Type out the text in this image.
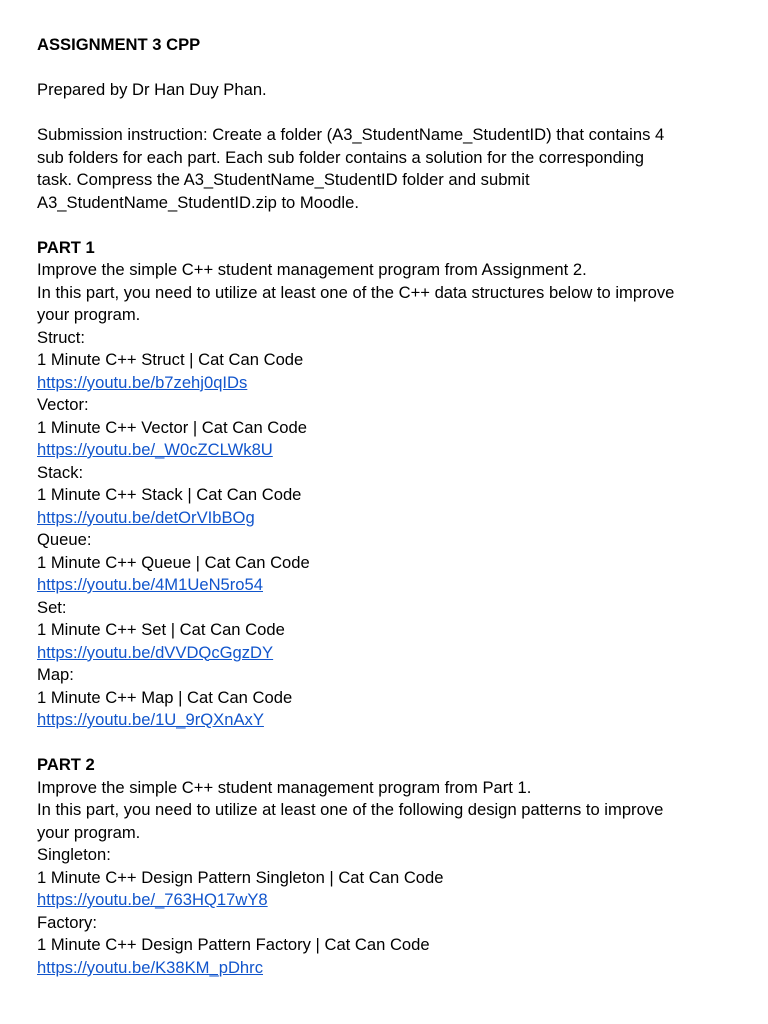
ASSIGNMENT 3 CPP
Prepared by Dr Han Duy Phan.
Submission instruction: Create a folder (A3_StudentName_StudentID) that contains 4
sub folders for each part. Each sub folder contains a solution for the corresponding
task. Compress the A3_StudentName_StudentID folder and submit
A3_StudentName_StudentID.zip to Moodle.
PART 1
Improve the simple C++ student management program from Assignment 2.
In this part, you need to utilize at least one of the C++ data structures below to improve
your program.
Struct:
1 Minute C++ Struct | Cat Can Code
https://youtu.be/b7zehj0qIDs
Vector:
1 Minute C++ Vector | Cat Can Code
https://youtu.be/_W0cZCLWk8U
Stack:
1 Minute C++ Stack | Cat Can Code
https://youtu.be/detOrVIbBOg
Queue:
1 Minute C++ Queue | Cat Can Code
https://youtu.be/4M1UeN5ro54
Set:
1 Minute C++ Set | Cat Can Code
https://youtu.be/dVVDQcGgzDY
Map:
1 Minute C++ Map | Cat Can Code
https://youtu.be/1U_9rQXnAxY
PART 2
Improve the simple C++ student management program from Part 1.
In this part, you need to utilize at least one of the following design patterns to improve
your program.
Singleton:
1 Minute C++ Design Pattern Singleton | Cat Can Code
https://youtu.be/_763HQ17wY8
Factory:
1 Minute C++ Design Pattern Factory | Cat Can Code
https://youtu.be/K38KM_pDhrc
